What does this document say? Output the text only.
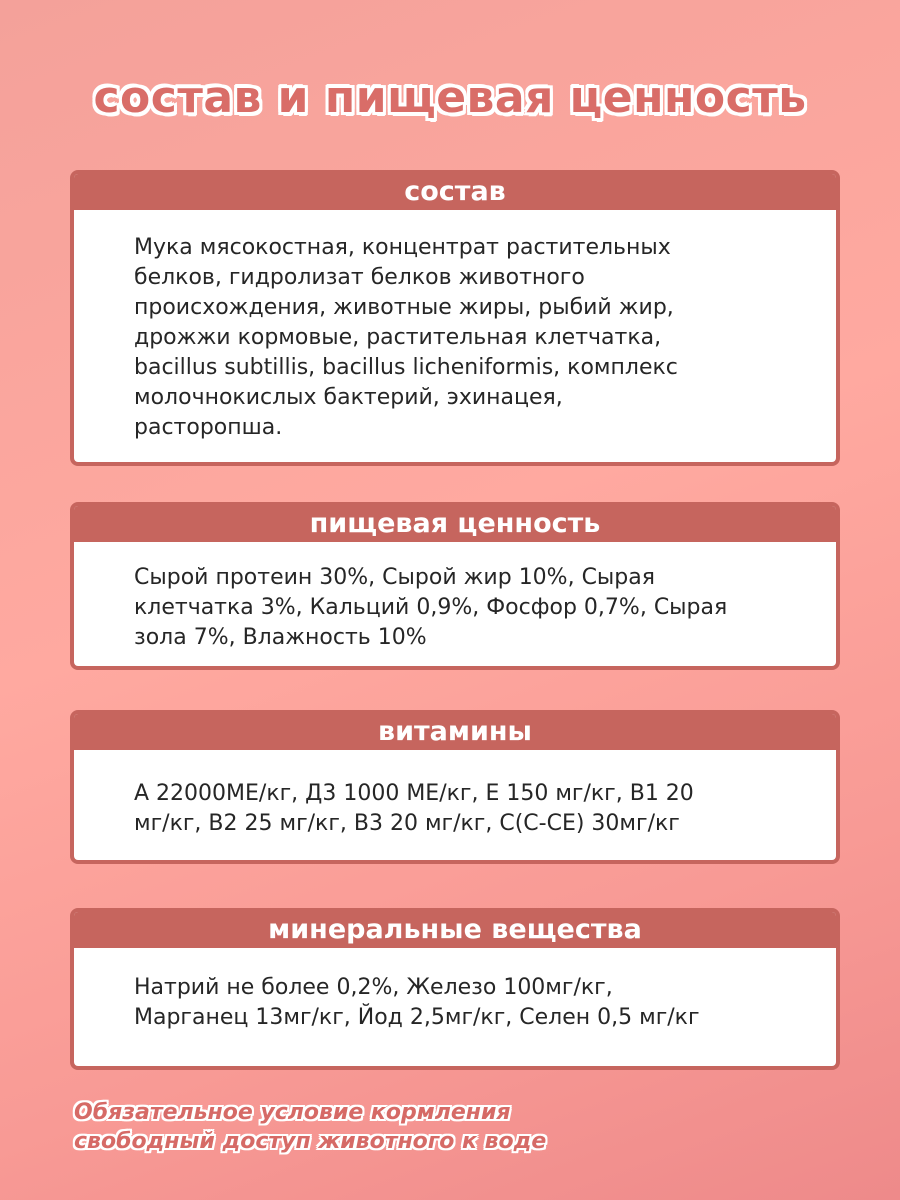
состав и пищевая ценность
состав
Мука мясокостная, концентрат растительных
белков, гидролизат белков животного
происхождения, животные жиры, рыбий жир,
дрожжи кормовые, растительная клетчатка,
bacillus subtillis, bacillus licheniformis, комплекс
молочнокислых бактерий, эхинацея,
расторопша.
пищевая ценность
Сырой протеин 30%, Сырой жир 10%, Сырая
клетчатка 3%, Кальций 0,9%, Фосфор 0,7%, Сырая
зола 7%, Влажность 10%
витамины
А 22000МЕ/кг, Д3 1000 МЕ/кг, Е 150 мг/кг, В1 20
мг/кг, В2 25 мг/кг, В3 20 мг/кг, С(С-СЕ) 30мг/кг
минеральные вещества
Натрий не более 0,2%, Железо 100мг/кг,
Марганец 13мг/кг, Йод 2,5мг/кг, Селен 0,5 мг/кг
Обязательное условие кормления
свободный доступ животного к воде
